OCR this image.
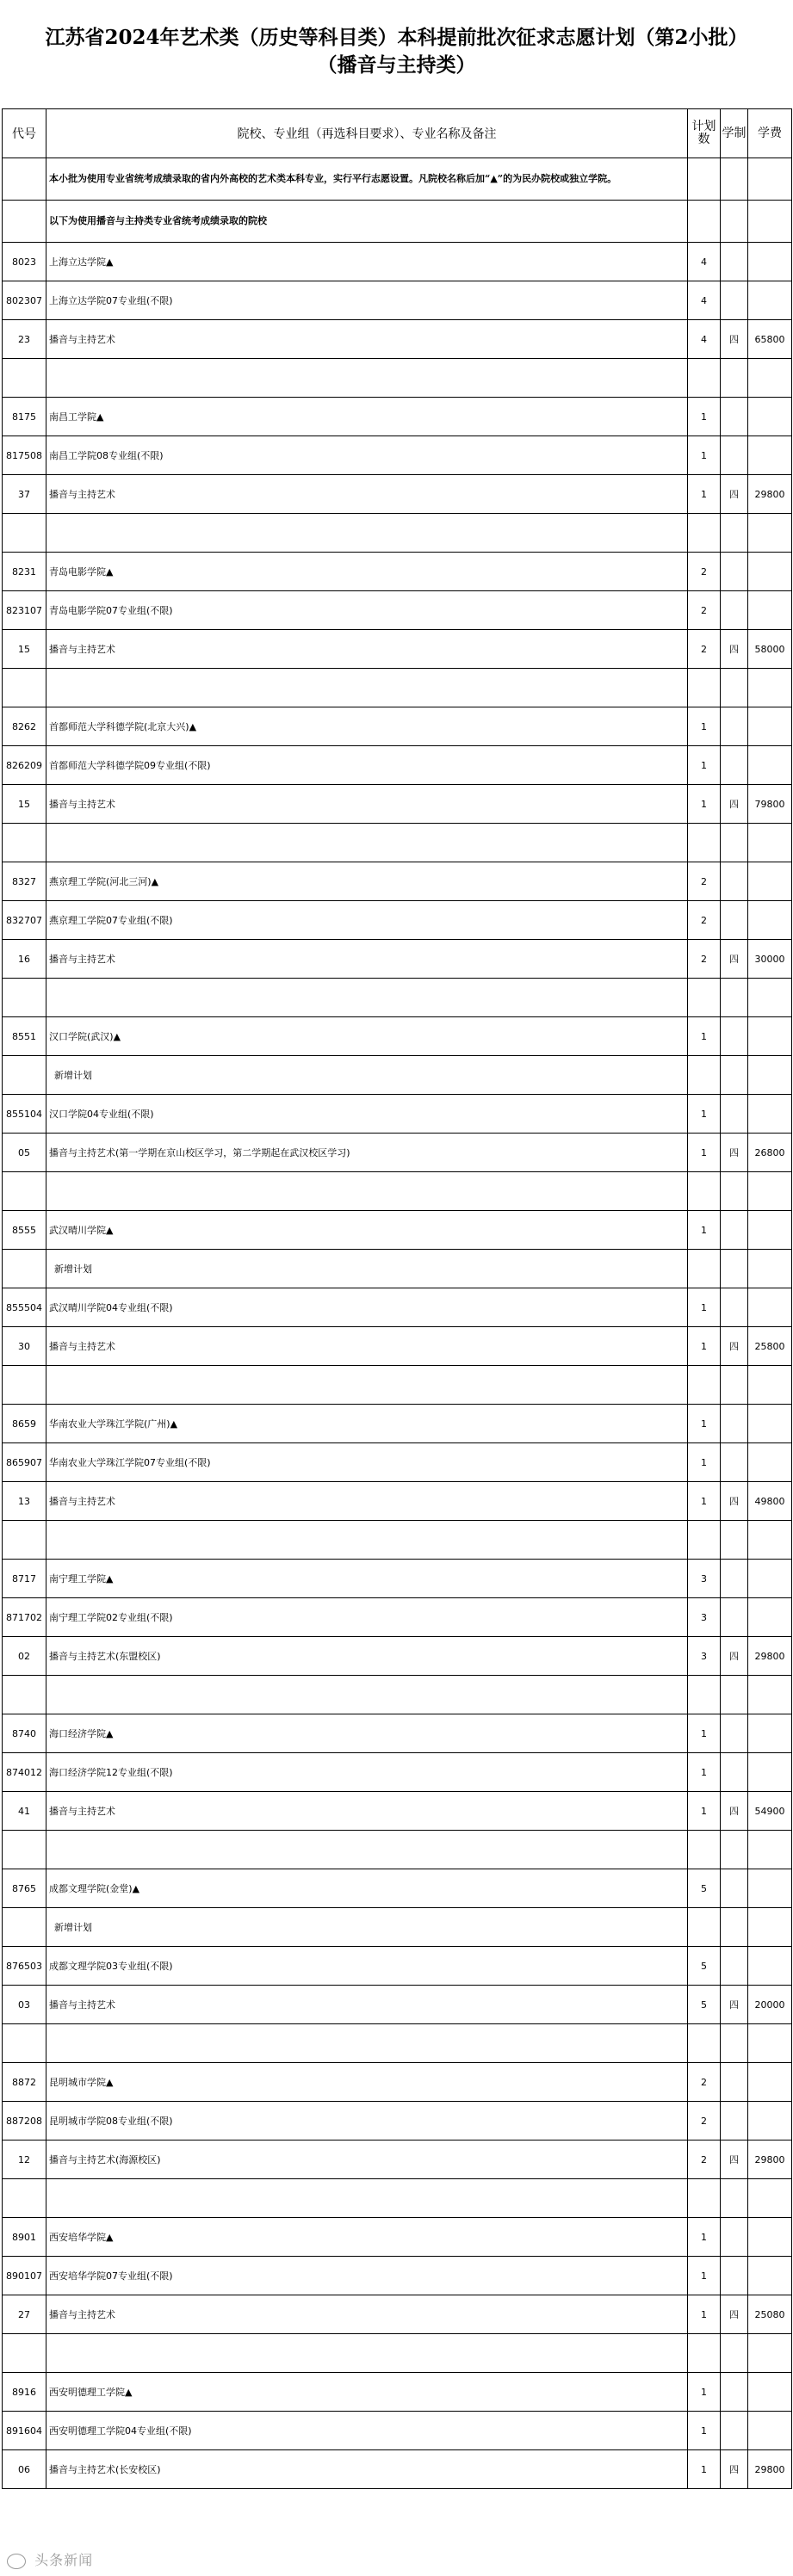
江苏省2024年艺术类（历史等科目类）本科提前批次征求志愿计划（第2小批）
（播音与主持类）
代号	院校、专业组（再选科目要求）、专业名称及备注	计划数	学制	学费
	本小批为使用专业省统考成绩录取的省内外高校的艺术类本科专业，实行平行志愿设置。凡院校名称后加“▲”的为民办院校或独立学院。			
	以下为使用播音与主持类专业省统考成绩录取的院校			
8023	上海立达学院▲	4		
802307	上海立达学院07专业组(不限)	4		
23	播音与主持艺术	4	四	65800

8175	南昌工学院▲	1		
817508	南昌工学院08专业组(不限)	1		
37	播音与主持艺术	1	四	29800

8231	青岛电影学院▲	2		
823107	青岛电影学院07专业组(不限)	2		
15	播音与主持艺术	2	四	58000

8262	首都师范大学科德学院(北京大兴)▲	1		
826209	首都师范大学科德学院09专业组(不限)	1		
15	播音与主持艺术	1	四	79800

8327	燕京理工学院(河北三河)▲	2		
832707	燕京理工学院07专业组(不限)	2		
16	播音与主持艺术	2	四	30000

8551	汉口学院(武汉)▲	1		
	新增计划			
855104	汉口学院04专业组(不限)	1		
05	播音与主持艺术(第一学期在京山校区学习，第二学期起在武汉校区学习)	1	四	26800

8555	武汉晴川学院▲	1		
	新增计划			
855504	武汉晴川学院04专业组(不限)	1		
30	播音与主持艺术	1	四	25800

8659	华南农业大学珠江学院(广州)▲	1		
865907	华南农业大学珠江学院07专业组(不限)	1		
13	播音与主持艺术	1	四	49800

8717	南宁理工学院▲	3		
871702	南宁理工学院02专业组(不限)	3		
02	播音与主持艺术(东盟校区)	3	四	29800

8740	海口经济学院▲	1		
874012	海口经济学院12专业组(不限)	1		
41	播音与主持艺术	1	四	54900

8765	成都文理学院(金堂)▲	5		
	新增计划			
876503	成都文理学院03专业组(不限)	5		
03	播音与主持艺术	5	四	20000

8872	昆明城市学院▲	2		
887208	昆明城市学院08专业组(不限)	2		
12	播音与主持艺术(海源校区)	2	四	29800

8901	西安培华学院▲	1		
890107	西安培华学院07专业组(不限)	1		
27	播音与主持艺术	1	四	25080

8916	西安明德理工学院▲	1		
891604	西安明德理工学院04专业组(不限)	1		
06	播音与主持艺术(长安校区)	1	四	29800
头条新闻
